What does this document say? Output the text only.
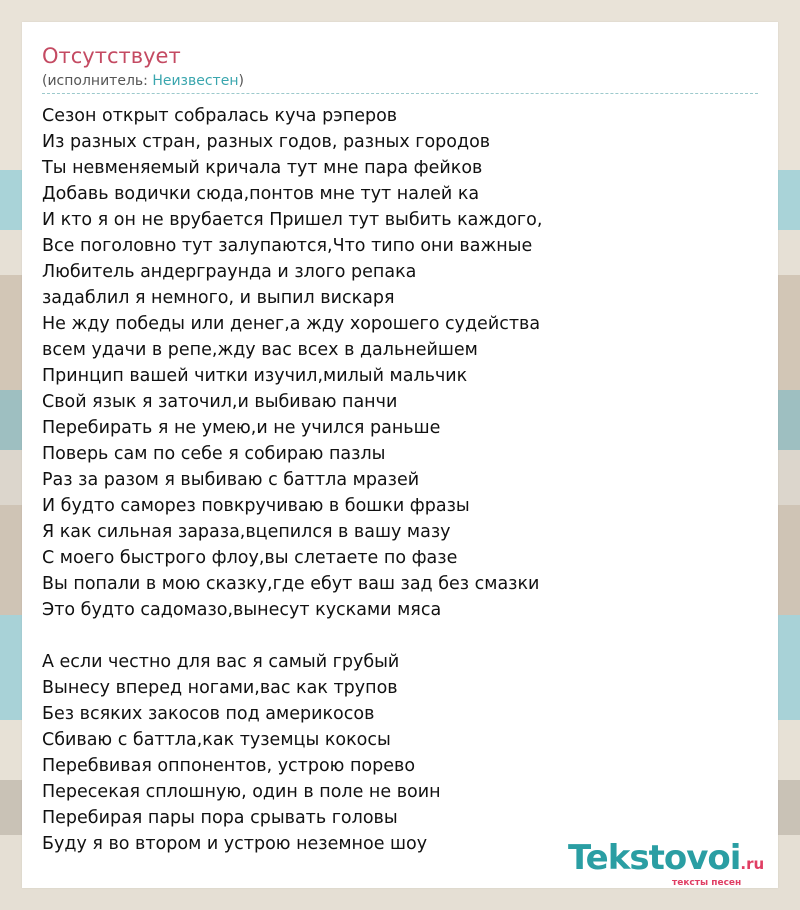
Отсутствует
(исполнитель: Неизвестен)
Сезон открыт собралась куча рэперов
Из разных стран, разных годов, разных городов
Ты невменяемый кричала тут мне пара фейков
Добавь водички сюда,понтов мне тут налей ка
И кто я он не врубается Пришел тут выбить каждого,
Все поголовно тут залупаются,Что типо они важные
Любитель андерграунда и злого репака
задаблил я немного, и выпил вискаря
Не жду победы или денег,а жду хорошего судейства
всем удачи в репе,жду вас всех в дальнейшем
Принцип вашей читки изучил,милый мальчик
Свой язык я заточил,и выбиваю панчи
Перебирать я не умею,и не учился раньше
Поверь сам по себе я собираю пазлы
Раз за разом я выбиваю с баттла мразей
И будто саморез повкручиваю в бошки фразы
Я как сильная зараза,вцепился в вашу мазу
С моего быстрого флоу,вы слетаете по фазе
Вы попали в мою сказку,где ебут ваш зад без смазки
Это будто садомазо,вынесут кусками мяса
А если честно для вас я самый грубый
Вынесу вперед ногами,вас как трупов
Без всяких закосов под америкосов
Сбиваю с баттла,как туземцы кокосы
Перебвивая оппонентов, устрою порево
Пересекая сплошную, один в поле не воин
Перебирая пары пора срывать головы
Буду я во втором и устрою неземное шоу	Tekstovoi.ru
тексты песен
